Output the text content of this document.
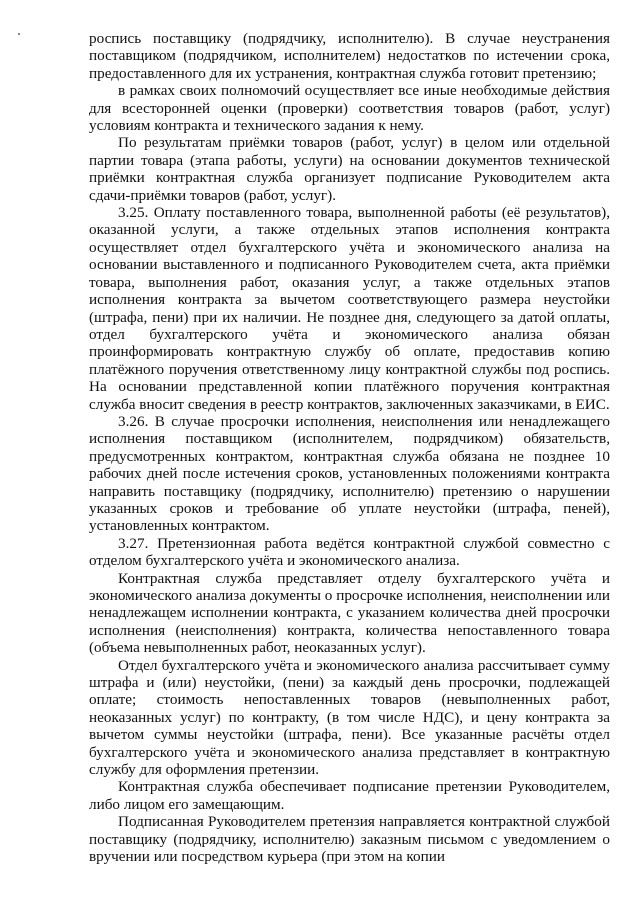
роспись поставщику (подрядчику, исполнителю). В случае неустранения поставщиком (подрядчиком, исполнителем) недостатков по истечении срока, предоставленного для их устранения, контрактная служба готовит претензию;

в рамках своих полномочий осуществляет все иные необходимые действия для всесторонней оценки (проверки) соответствия товаров (работ, услуг) условиям контракта и технического задания к нему.

По результатам приёмки товаров (работ, услуг) в целом или отдельной партии товара (этапа работы, услуги) на основании документов технической приёмки контрактная служба организует подписание Руководителем акта сдачи-приёмки товаров (работ, услуг).

3.25. Оплату поставленного товара, выполненной работы (её результатов), оказанной услуги, а также отдельных этапов исполнения контракта осуществляет отдел бухгалтерского учёта и экономического анализа на основании выставленного и подписанного Руководителем счета, акта приёмки товара, выполнения работ, оказания услуг, а также отдельных этапов исполнения контракта за вычетом соответствующего размера неустойки (штрафа, пени) при их наличии. Не позднее дня, следующего за датой оплаты, отдел бухгалтерского учёта и экономического анализа обязан проинформировать контрактную службу об оплате, предоставив копию платёжного поручения ответственному лицу контрактной службы под роспись. На основании представленной копии платёжного поручения контрактная служба вносит сведения в реестр контрактов, заключенных заказчиками, в ЕИС.

3.26. В случае просрочки исполнения, неисполнения или ненадлежащего исполнения поставщиком (исполнителем, подрядчиком) обязательств, предусмотренных контрактом, контрактная служба обязана не позднее 10 рабочих дней после истечения сроков, установленных положениями контракта направить поставщику (подрядчику, исполнителю) претензию о нарушении указанных сроков и требование об уплате неустойки (штрафа, пеней), установленных контрактом.

3.27. Претензионная работа ведётся контрактной службой совместно с отделом бухгалтерского учёта и экономического анализа.

Контрактная служба представляет отделу бухгалтерского учёта и экономического анализа документы о просрочке исполнения, неисполнении или ненадлежащем исполнении контракта, с указанием количества дней просрочки исполнения (неисполнения) контракта, количества непоставленного товара (объема невыполненных работ, неоказанных услуг).

Отдел бухгалтерского учёта и экономического анализа рассчитывает сумму штрафа и (или) неустойки, (пени) за каждый день просрочки, подлежащей оплате; стоимость непоставленных товаров (невыполненных работ, неоказанных услуг) по контракту, (в том числе НДС), и цену контракта за вычетом суммы неустойки (штрафа, пени). Все указанные расчёты отдел бухгалтерского учёта и экономического анализа представляет в контрактную службу для оформления претензии.

Контрактная служба обеспечивает подписание претензии Руководителем, либо лицом его замещающим.

Подписанная Руководителем претензия направляется контрактной службой поставщику (подрядчику, исполнителю) заказным письмом с уведомлением о вручении или посредством курьера (при этом на копии
